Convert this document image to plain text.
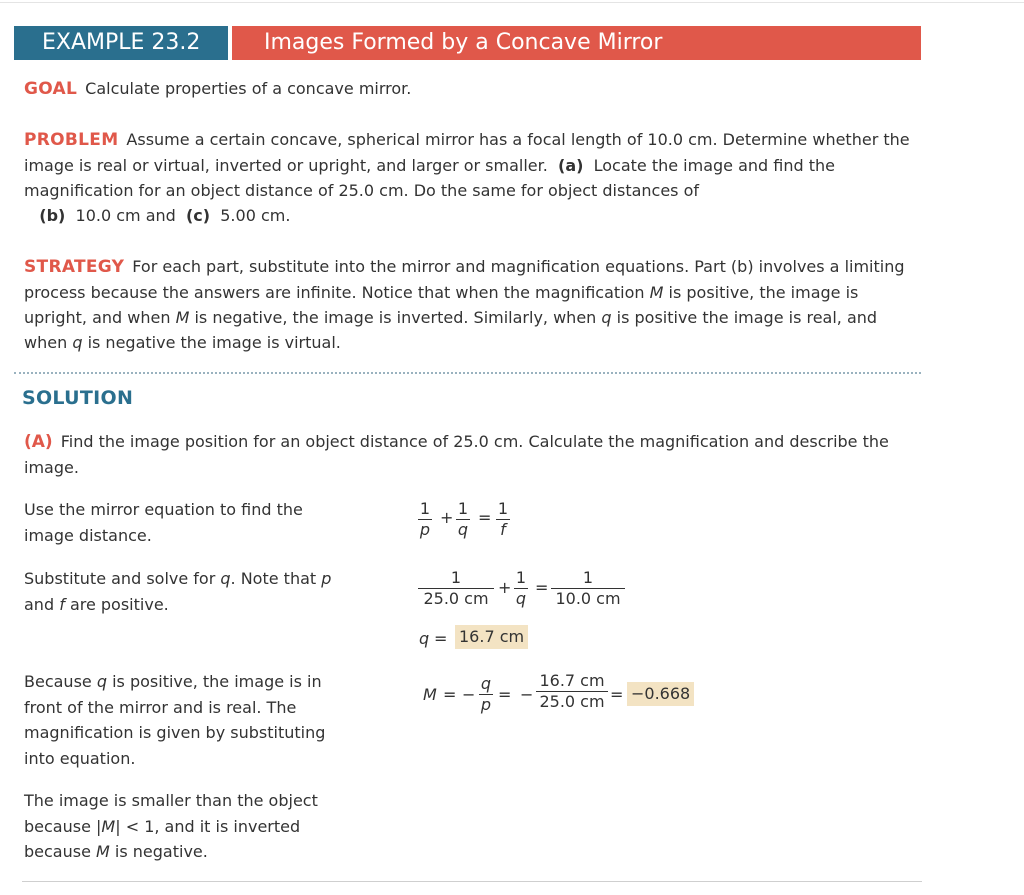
EXAMPLE 23.2	Images Formed by a Concave Mirror

GOAL Calculate properties of a concave mirror.

PROBLEM Assume a certain concave, spherical mirror has a focal length of 10.0 cm. Determine whether the image is real or virtual, inverted or upright, and larger or smaller. (a) Locate the image and find the magnification for an object distance of 25.0 cm. Do the same for object distances of
(b) 10.0 cm and (c) 5.00 cm.

STRATEGY For each part, substitute into the mirror and magnification equations. Part (b) involves a limiting process because the answers are infinite. Notice that when the magnification M is positive, the image is upright, and when M is negative, the image is inverted. Similarly, when q is positive the image is real, and when q is negative the image is virtual.

SOLUTION

(A) Find the image position for an object distance of 25.0 cm. Calculate the magnification and describe the image.

Use the mirror equation to find the image distance.

Substitute and solve for q. Note that p
and f are positive.

Because q is positive, the image is in front of the mirror and is real. The magnification is given by substituting into equation.

The image is smaller than the object because |M| < 1, and it is inverted because M is negative.

$\frac{1}{p} + \frac{1}{q} = \frac{1}{f}$
$\frac{1}{25.0 cm} + \frac{1}{q} = \frac{1}{10.0 cm}$
q = 16.7 cm
M = − $\frac{q}{p}$ = − $\frac{16.7 cm}{25.0 cm} = -0.668$
